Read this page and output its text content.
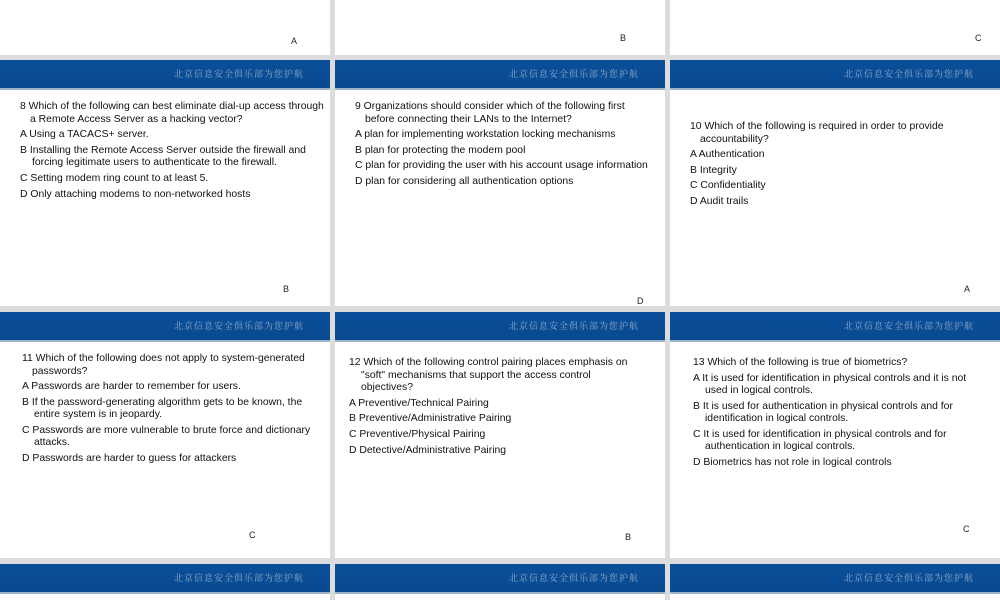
A	B	C
北京信息安全俱乐部为您护航
8 Which of the following can best eliminate dial-up access through a Remote Access Server as a hacking vector?
A Using a TACACS+ server.
B Installing the Remote Access Server outside the firewall and forcing legitimate users to authenticate to the firewall.
C Setting modem ring count to at least 5.
D Only attaching modems to non-networked hosts
B
北京信息安全俱乐部为您护航
9 Organizations should consider which of the following first before connecting their LANs to the Internet?
A plan for implementing workstation locking mechanisms
B plan for protecting the modem pool
C plan for providing the user with his account usage information
D plan for considering all authentication options
D
北京信息安全俱乐部为您护航
10 Which of the following is required in order to provide accountability?
A Authentication
B Integrity
C Confidentiality
D Audit trails
A
北京信息安全俱乐部为您护航
11 Which of the following does not apply to system-generated passwords?
A Passwords are harder to remember for users.
B If the password-generating algorithm gets to be known, the entire system is in jeopardy.
C Passwords are more vulnerable to brute force and dictionary attacks.
D Passwords are harder to guess for attackers
C
北京信息安全俱乐部为您护航
12 Which of the following control pairing places emphasis on "soft" mechanisms that support the access control objectives?
A Preventive/Technical Pairing
B Preventive/Administrative Pairing
C Preventive/Physical Pairing
D Detective/Administrative Pairing
B
北京信息安全俱乐部为您护航
13 Which of the following is true of biometrics?
A It is used for identification in physical controls and it is not used in logical controls.
B It is used for authentication in physical controls and for identification in logical controls.
C It is used for identification in physical controls and for authentication in logical controls.
D Biometrics has not role in logical controls
C
北京信息安全俱乐部为您护航	北京信息安全俱乐部为您护航	北京信息安全俱乐部为您护航
